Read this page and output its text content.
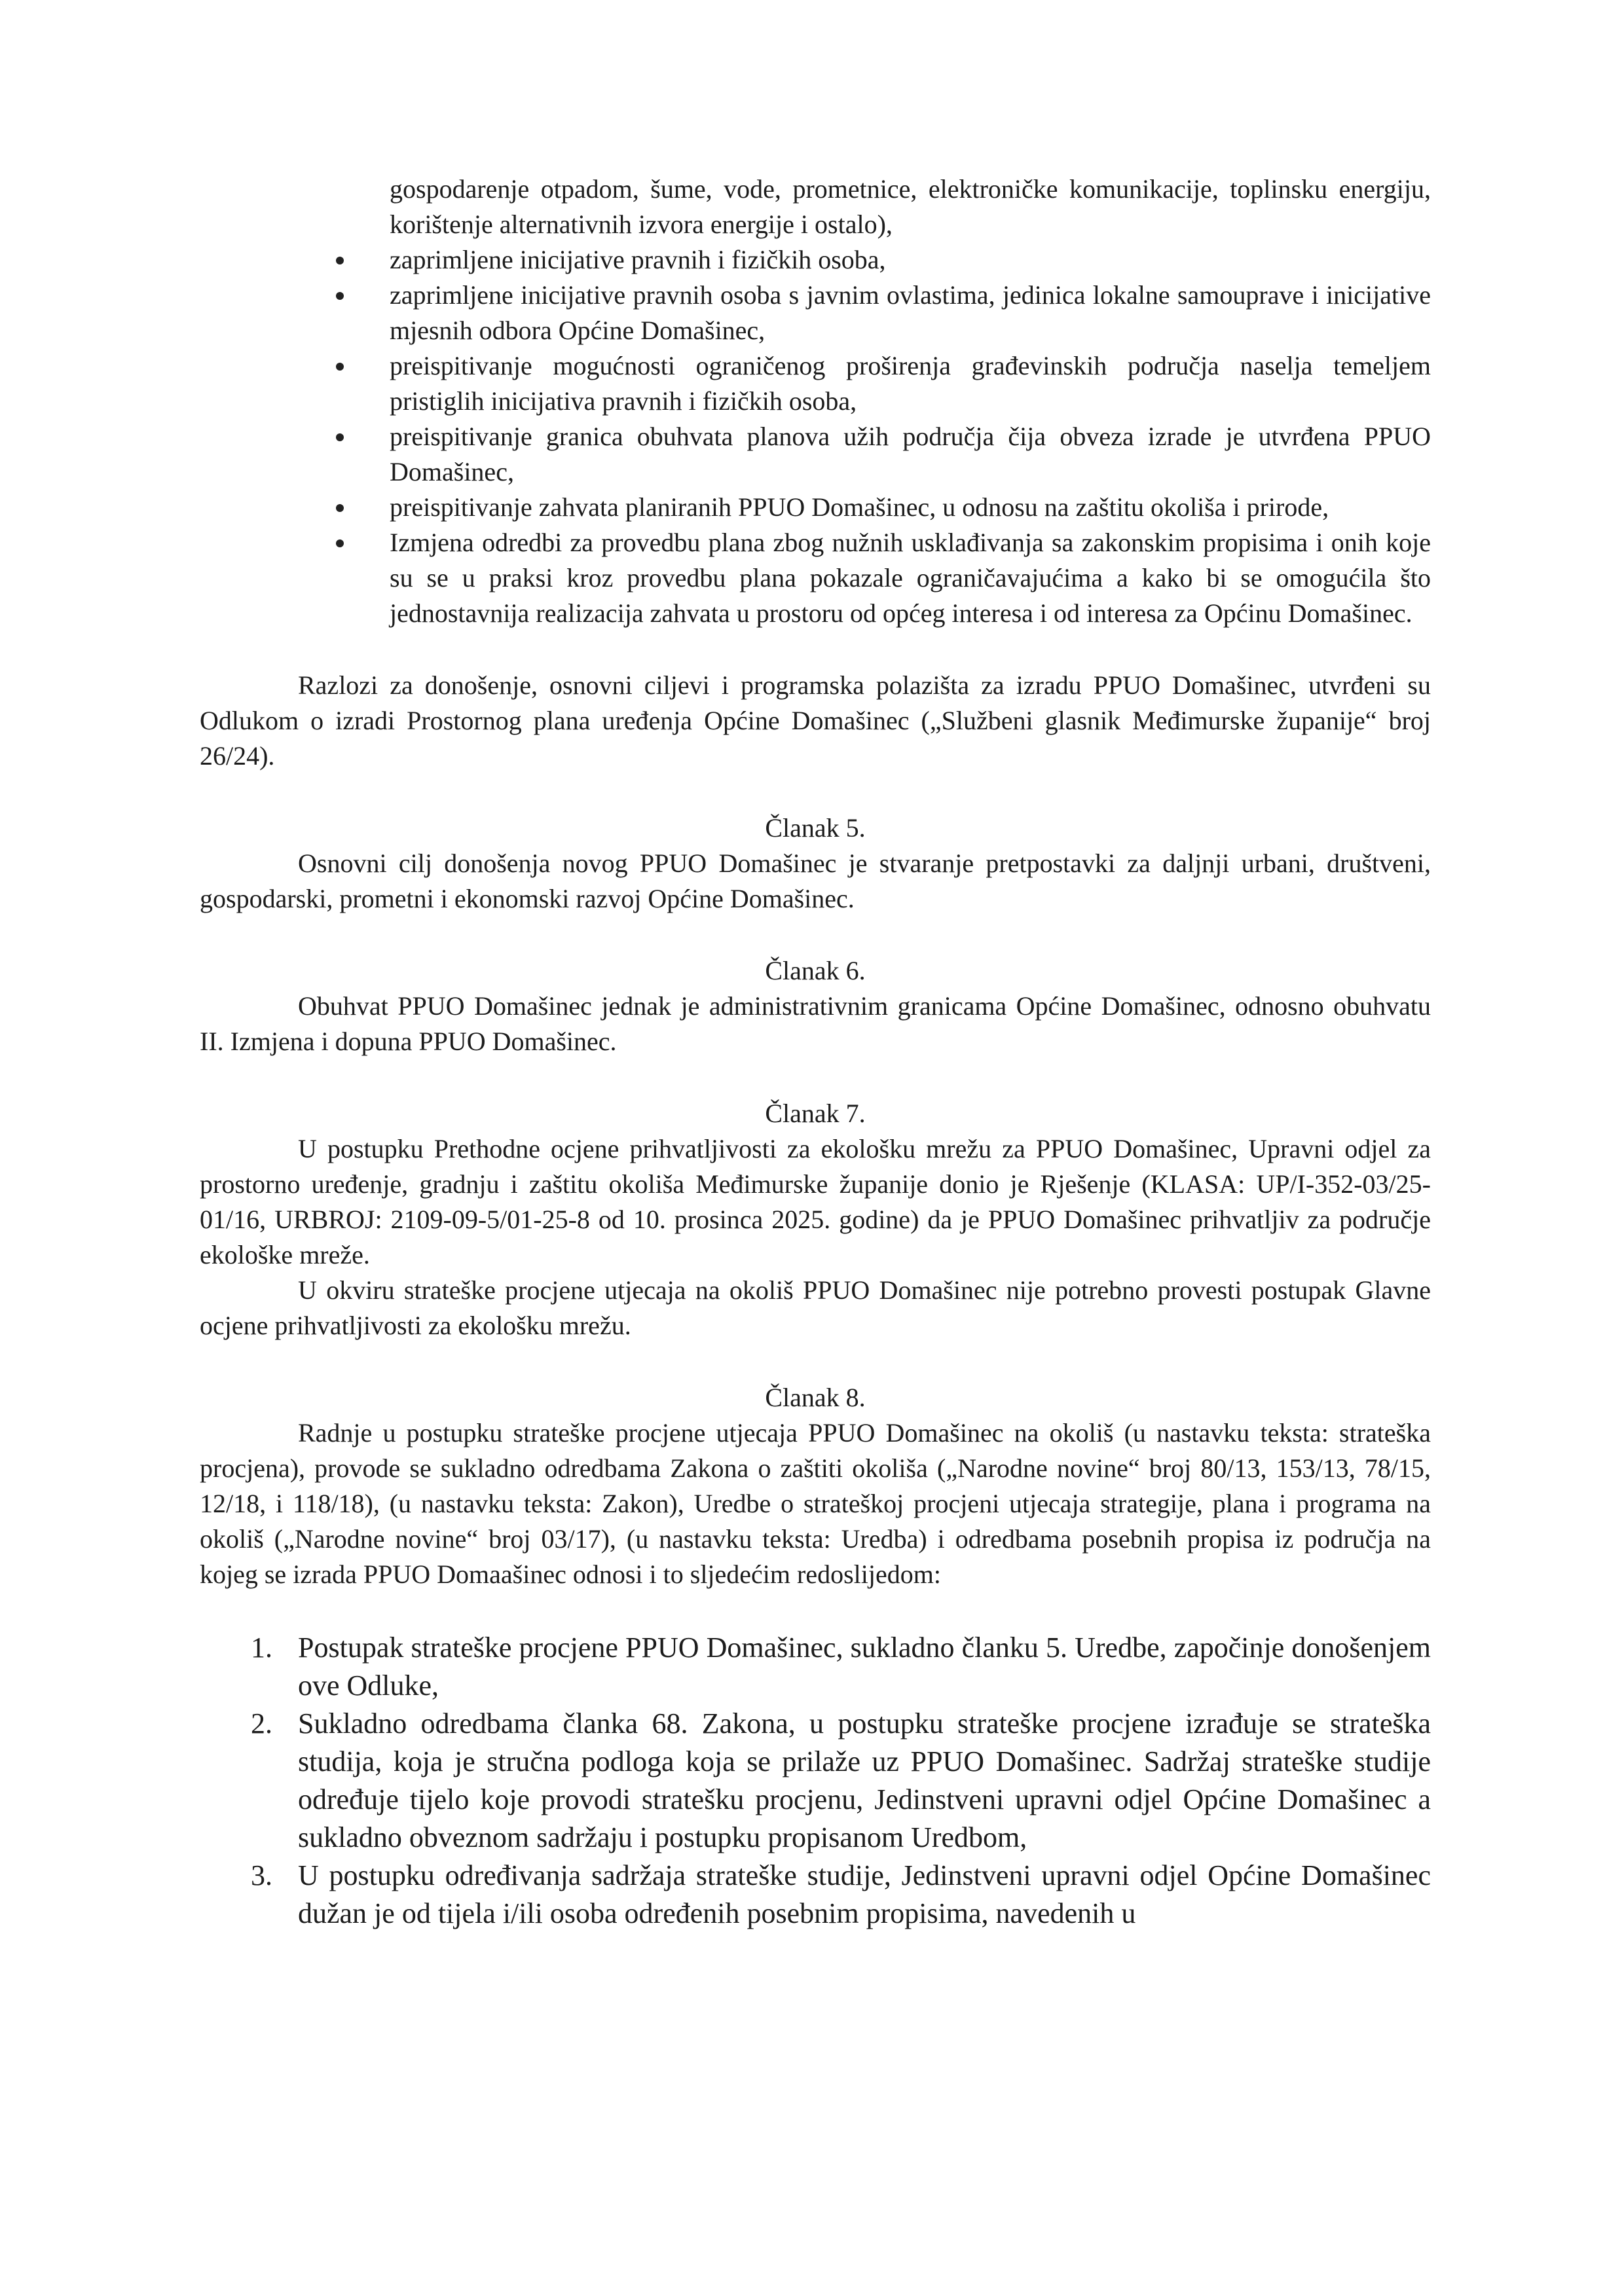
gospodarenje otpadom, šume, vode, prometnice, elektroničke komunikacije, toplinsku energiju, korištenje alternativnih izvora energije i ostalo),
zaprimljene inicijative pravnih i fizičkih osoba,
zaprimljene inicijative pravnih osoba s javnim ovlastima, jedinica lokalne samouprave i inicijative mjesnih odbora Općine Domašinec,
preispitivanje mogućnosti ograničenog proširenja građevinskih područja naselja temeljem pristiglih inicijativa pravnih i fizičkih osoba,
preispitivanje granica obuhvata planova užih područja čija obveza izrade je utvrđena PPUO Domašinec,
preispitivanje zahvata planiranih PPUO Domašinec, u odnosu na zaštitu okoliša i prirode,
Izmjena odredbi za provedbu plana zbog nužnih usklađivanja sa zakonskim propisima i onih koje su se u praksi kroz provedbu plana pokazale ograničavajućima a kako bi se omogućila što jednostavnija realizacija zahvata u prostoru od općeg interesa i od interesa za Općinu Domašinec.

Razlozi za donošenje, osnovni ciljevi i programska polazišta za izradu PPUO Domašinec, utvrđeni su Odlukom o izradi Prostornog plana uređenja Općine Domašinec („Službeni glasnik Međimurske županije“ broj 26/24).

Članak 5.

Osnovni cilj donošenja novog PPUO Domašinec je stvaranje pretpostavki za daljnji urbani, društveni, gospodarski, prometni i ekonomski razvoj Općine Domašinec.

Članak 6.

Obuhvat PPUO Domašinec jednak je administrativnim granicama Općine Domašinec, odnosno obuhvatu II. Izmjena i dopuna PPUO Domašinec.

Članak 7.

U postupku Prethodne ocjene prihvatljivosti za ekološku mrežu za PPUO Domašinec, Upravni odjel za prostorno uređenje, gradnju i zaštitu okoliša Međimurske županije donio je Rješenje (KLASA: UP/I-352-03/25-01/16, URBROJ: 2109-09-5/01-25-8 od 10. prosinca 2025. godine) da je PPUO Domašinec prihvatljiv za područje ekološke mreže.

U okviru strateške procjene utjecaja na okoliš PPUO Domašinec nije potrebno provesti postupak Glavne ocjene prihvatljivosti za ekološku mrežu.

Članak 8.

Radnje u postupku strateške procjene utjecaja PPUO Domašinec na okoliš (u nastavku teksta: strateška procjena), provode se sukladno odredbama Zakona o zaštiti okoliša („Narodne novine“ broj 80/13, 153/13, 78/15, 12/18, i 118/18), (u nastavku teksta: Zakon), Uredbe o strateškoj procjeni utjecaja strategije, plana i programa na okoliš („Narodne novine“ broj 03/17), (u nastavku teksta: Uredba) i odredbama posebnih propisa iz područja na kojeg se izrada PPUO Domaašinec odnosi i to sljedećim redoslijedom:

1. Postupak strateške procjene PPUO Domašinec, sukladno članku 5. Uredbe, započinje donošenjem ove Odluke,
2. Sukladno odredbama članka 68. Zakona, u postupku strateške procjene izrađuje se strateška studija, koja je stručna podloga koja se prilaže uz PPUO Domašinec. Sadržaj strateške studije određuje tijelo koje provodi stratešku procjenu, Jedinstveni upravni odjel Općine Domašinec a sukladno obveznom sadržaju i postupku propisanom Uredbom,
3. U postupku određivanja sadržaja strateške studije, Jedinstveni upravni odjel Općine Domašinec dužan je od tijela i/ili osoba određenih posebnim propisima, navedenih u
